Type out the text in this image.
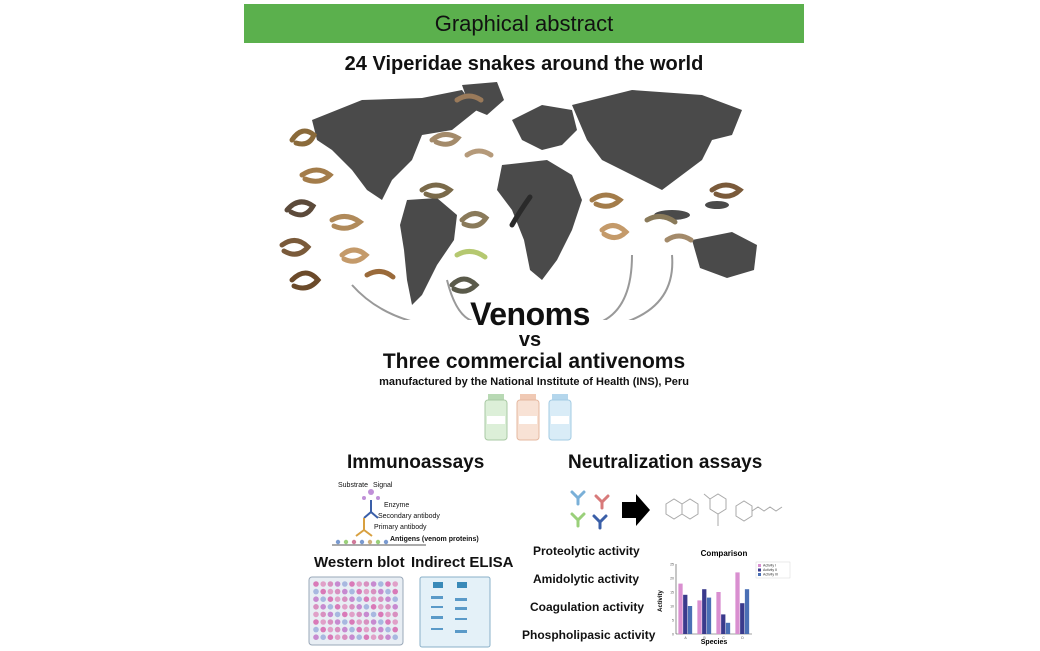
Graphical abstract
24 Viperidae snakes around the world
Venoms
vs
Three commercial antivenoms
manufactured by the National Institute of Health (INS), Peru
Immunoassays	Neutralization assays
Substrate Signal
Enzyme
Secondary antibody
Primary antibody
Antigens (venom proteins)
Western blot Indirect ELISA
Proteolytic activity
Amidolytic activity
Coagulation activity
Phospholipasic activity
Comparison
Activity
Species
0
5
10
15
20
25
A	B	C	D
Activity I
Activity II
Activity III
